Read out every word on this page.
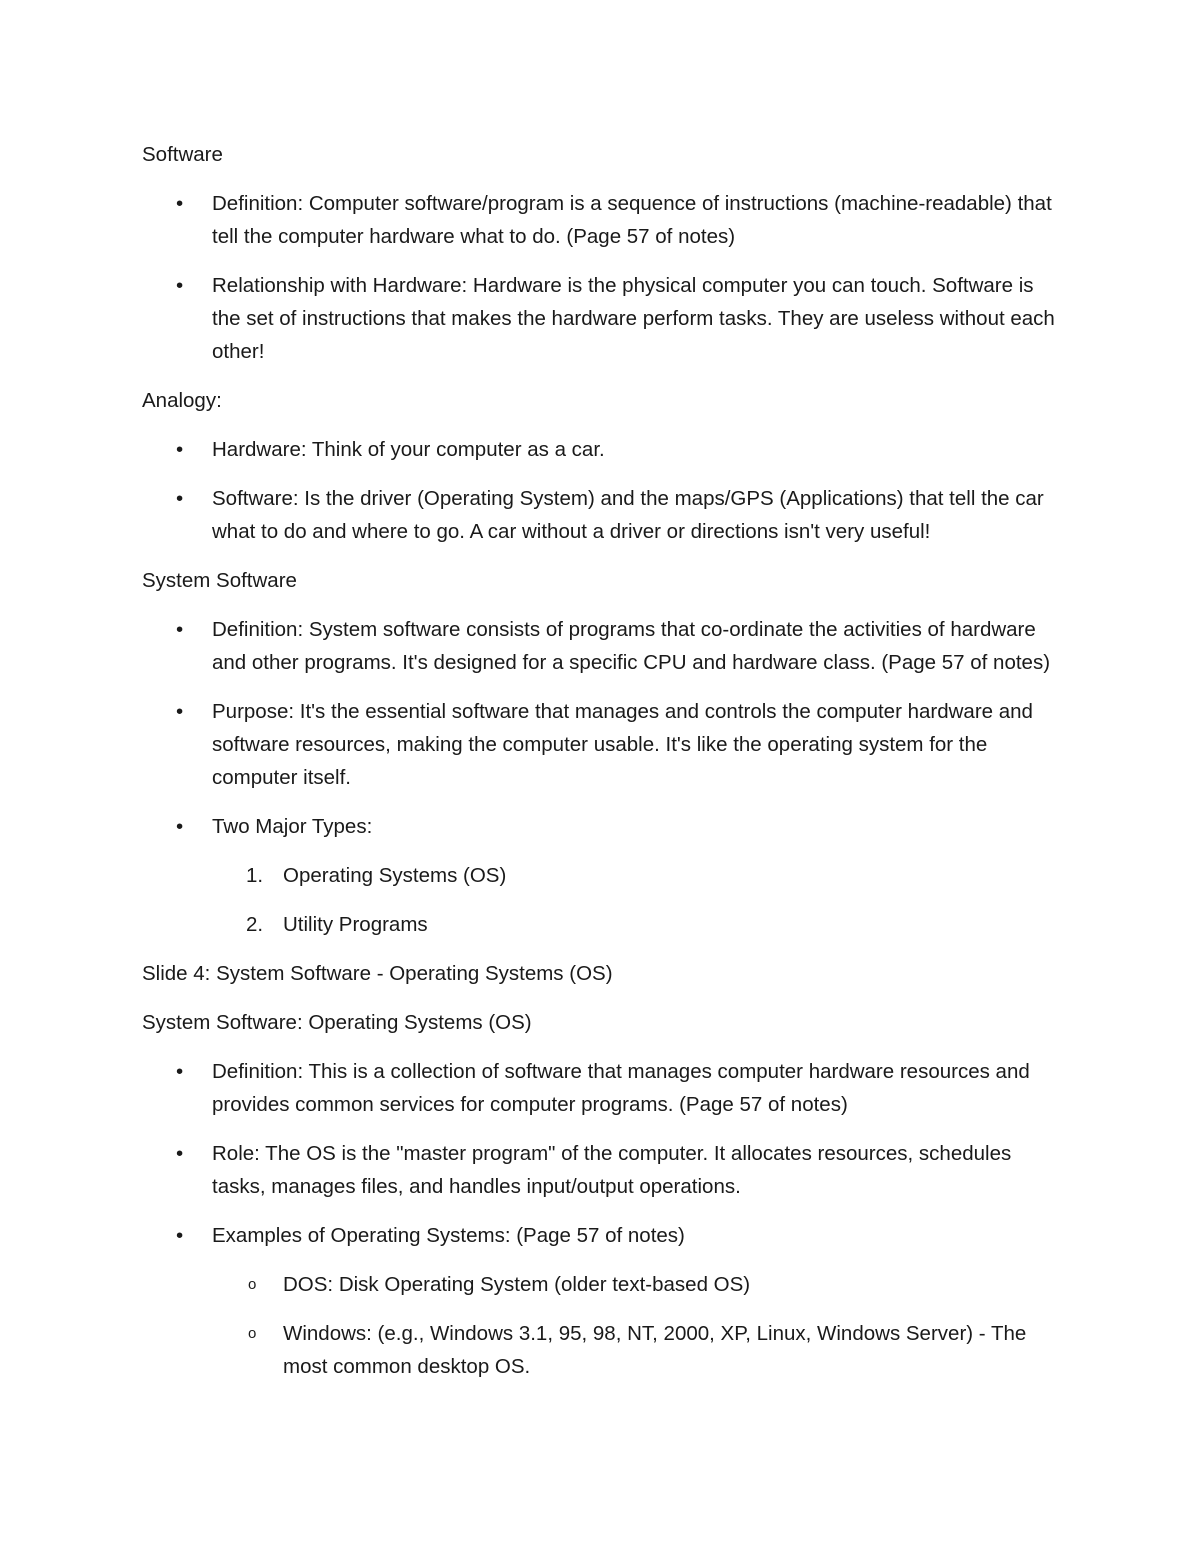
Software
• Definition: Computer software/program is a sequence of instructions (machine-readable) that tell the computer hardware what to do. (Page 57 of notes)
• Relationship with Hardware: Hardware is the physical computer you can touch. Software is the set of instructions that makes the hardware perform tasks. They are useless without each other!
Analogy:
• Hardware: Think of your computer as a car.
• Software: Is the driver (Operating System) and the maps/GPS (Applications) that tell the car what to do and where to go. A car without a driver or directions isn't very useful!
System Software
• Definition: System software consists of programs that co-ordinate the activities of hardware and other programs. It's designed for a specific CPU and hardware class. (Page 57 of notes)
• Purpose: It's the essential software that manages and controls the computer hardware and software resources, making the computer usable. It's like the operating system for the computer itself.
• Two Major Types:
1. Operating Systems (OS)
2. Utility Programs
Slide 4: System Software - Operating Systems (OS)
System Software: Operating Systems (OS)
• Definition: This is a collection of software that manages computer hardware resources and provides common services for computer programs. (Page 57 of notes)
• Role: The OS is the "master program" of the computer. It allocates resources, schedules tasks, manages files, and handles input/output operations.
• Examples of Operating Systems: (Page 57 of notes)
o DOS: Disk Operating System (older text-based OS)
o Windows: (e.g., Windows 3.1, 95, 98, NT, 2000, XP, Linux, Windows Server) - The most common desktop OS.
